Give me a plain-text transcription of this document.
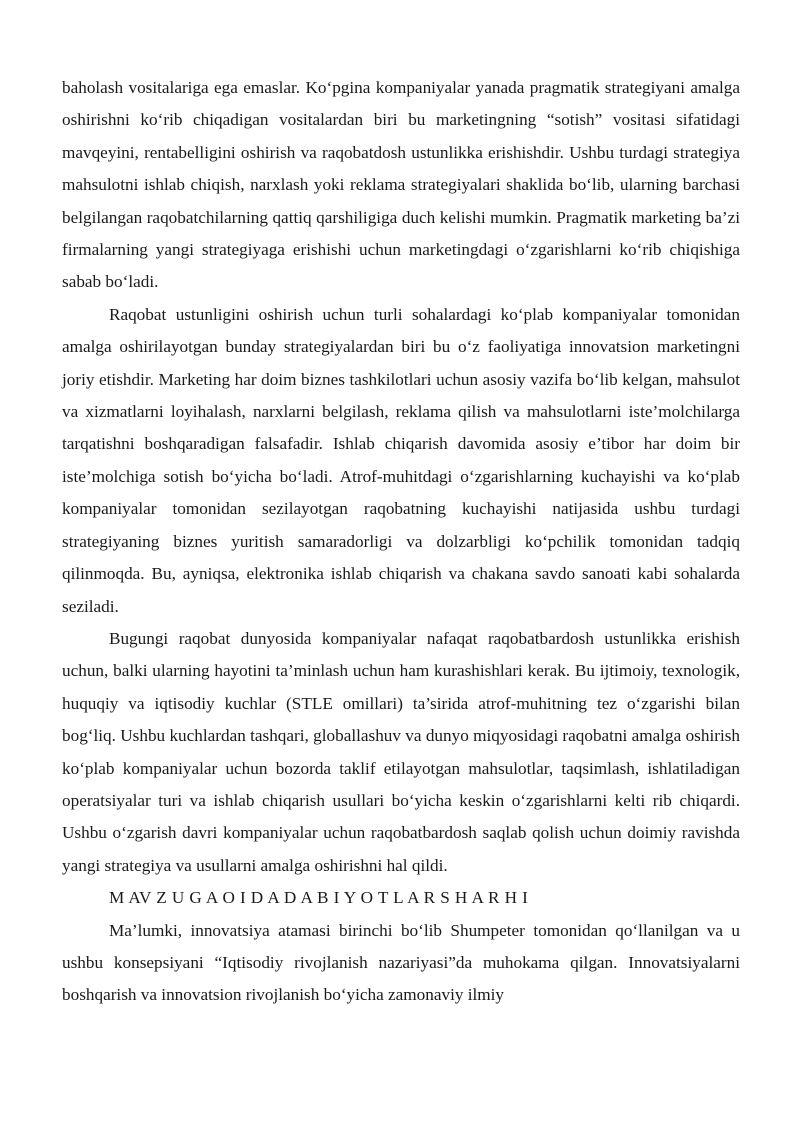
baholash vositalariga ega emaslar. Ko‘pgina kompaniyalar yanada pragmatik strategiyani amalga oshirishni ko‘rib chiqadigan vositalardan biri bu marketingning “sotish” vositasi sifatidagi mavqeyini, rentabelligini oshirish va raqobatdosh ustunlikka erishishdir. Ushbu turdagi strategiya mahsulotni ishlab chiqish, narxlash yoki reklama strategiyalari shaklida bo‘lib, ularning barchasi belgilangan raqobatchilarning qattiq qarshiligiga duch kelishi mumkin. Pragmatik marketing ba’zi firmalarning yangi strategiyaga erishishi uchun marketingdagi o‘zgarishlarni ko‘rib chiqishiga sabab bo‘ladi.

Raqobat ustunligini oshirish uchun turli sohalardagi ko‘plab kompaniyalar tomonidan amalga oshirilayotgan bunday strategiyalardan biri bu o‘z faoliyatiga innovatsion marketingni joriy etishdir. Marketing har doim biznes tashkilotlari uchun asosiy vazifa bo‘lib kelgan, mahsulot va xizmatlarni loyihalash, narxlarni belgilash, reklama qilish va mahsulotlarni iste’molchilarga tarqatishni boshqaradigan falsafadir. Ishlab chiqarish davomida asosiy e’tibor har doim bir iste’molchiga sotish bo‘yicha bo‘ladi. Atrof-muhitdagi o‘zgarishlarning kuchayishi va ko‘plab kompaniyalar tomonidan sezilayotgan raqobatning kuchayishi natijasida ushbu turdagi strategiyaning biznes yuritish samaradorligi va dolzarbligi ko‘pchilik tomonidan tadqiq qilinmoqda. Bu, ayniqsa, elektronika ishlab chiqarish va chakana savdo sanoati kabi sohalarda seziladi.

Bugungi raqobat dunyosida kompaniyalar nafaqat raqobatbardosh ustunlikka erishish uchun, balki ularning hayotini ta’minlash uchun ham kurashishlari kerak. Bu ijtimoiy, texnologik, huquqiy va iqtisodiy kuchlar (STLE omillari) ta’sirida atrof-muhitning tez o‘zgarishi bilan bog‘liq. Ushbu kuchlardan tashqari, globallashuv va dunyo miqyosidagi raqobatni amalga oshirish ko‘plab kompaniyalar uchun bozorda taklif etilayotgan mahsulotlar, taqsimlash, ishlatiladigan operatsiyalar turi va ishlab chiqarish usullari bo‘yicha keskin o‘zgarishlarni kelti rib chiqardi. Ushbu o‘zgarish davri kompaniyalar uchun raqobatbardosh saqlab qolish uchun doimiy ravishda yangi strategiya va usullarni amalga oshirishni hal qildi.

M AV Z U G A O I D A D A B I Y O T L A R S H A R H I

Ma’lumki, innovatsiya atamasi birinchi bo‘lib Shumpeter tomonidan qo‘llanilgan va u ushbu konsepsiyani “Iqtisodiy rivojlanish nazariyasi”da muhokama qilgan. Innovatsiyalarni boshqarish va innovatsion rivojlanish bo‘yicha zamonaviy ilmiy
